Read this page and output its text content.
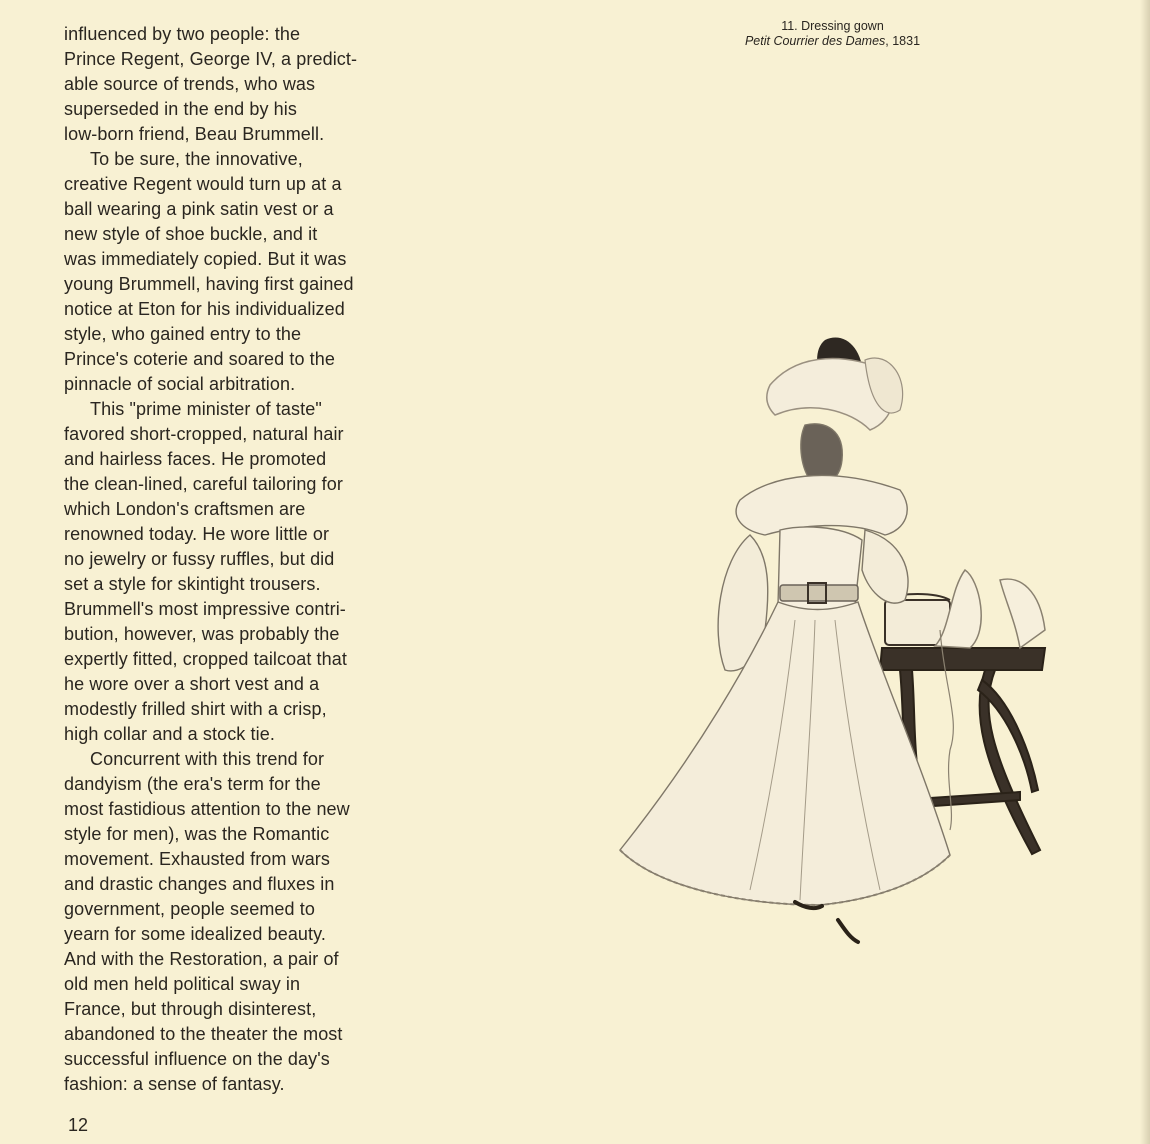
influenced by two people: the
Prince Regent, George IV, a predict-
able source of trends, who was
superseded in the end by his
low-born friend, Beau Brummell.

To be sure, the innovative,
creative Regent would turn up at a
ball wearing a pink satin vest or a
new style of shoe buckle, and it
was immediately copied. But it was
young Brummell, having first gained
notice at Eton for his individualized
style, who gained entry to the
Prince's coterie and soared to the
pinnacle of social arbitration.

This "prime minister of taste"
favored short-cropped, natural hair
and hairless faces. He promoted
the clean-lined, careful tailoring for
which London's craftsmen are
renowned today. He wore little or
no jewelry or fussy ruffles, but did
set a style for skintight trousers.
Brummell's most impressive contri-
bution, however, was probably the
expertly fitted, cropped tailcoat that
he wore over a short vest and a
modestly frilled shirt with a crisp,
high collar and a stock tie.

Concurrent with this trend for
dandyism (the era's term for the
most fastidious attention to the new
style for men), was the Romantic
movement. Exhausted from wars
and drastic changes and fluxes in
government, people seemed to
yearn for some idealized beauty.
And with the Restoration, a pair of
old men held political sway in
France, but through disinterest,
abandoned to the theater the most
successful influence on the day's
fashion: a sense of fantasy.

11. Dressing gown
Petit Courrier des Dames, 1831
12
